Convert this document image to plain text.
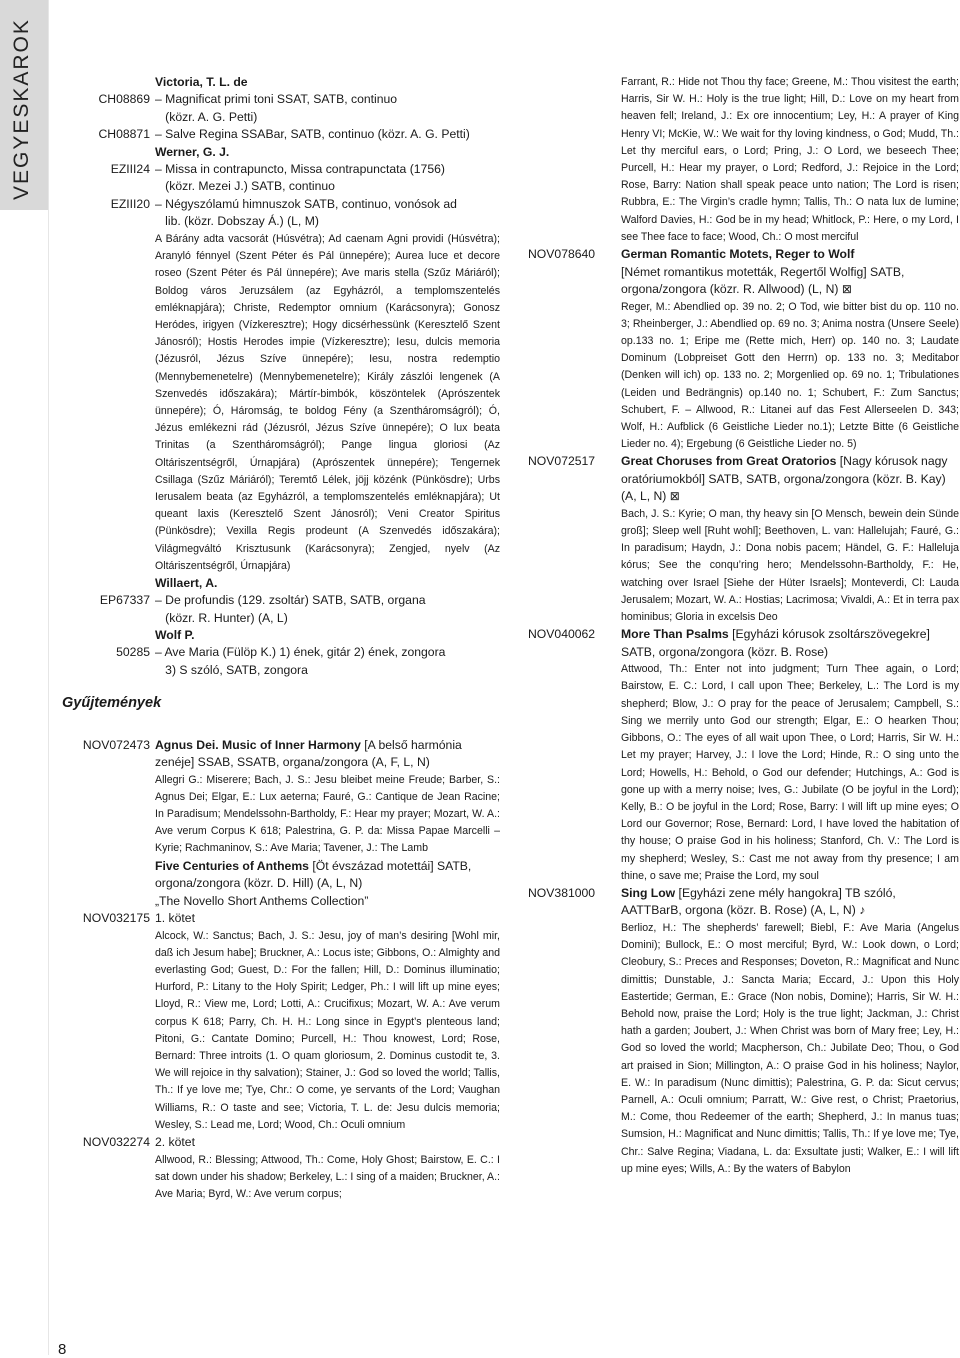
VEGYESKAROK
8
Victoria, T. L. de
CH08869 – Magnificat primi toni SSAT, SATB, continuo
(közr. A. G. Petti)
CH08871 – Salve Regina SSABar, SATB, continuo (közr. A. G. Petti)
Werner, G. J.
EZIII24 – Missa in contrapuncto, Missa contrapunctata (1756)
(közr. Mezei J.) SATB, continuo
EZIII20 – Négyszólamú himnuszok SATB, continuo, vonósok ad
lib. (közr. Dobszay Á.) (L, M)
A Bárány adta vacsorát (Húsvétra); Ad caenam Agni providi (Húsvétra); Aranyló fénnyel (Szent Péter és Pál ünnepére); Aurea luce et decore roseo (Szent Péter és Pál ünnepére); Ave maris stella (Szűz Máriáról); Boldog város Jeruzsálem (az Egyházról, a templomszentelés emléknapjára); Christe, Redemptor omnium (Karácsonyra); Gonosz Heródes, irigyen (Vízkeresztre); Hogy dicsérhessünk (Keresztelő Szent Jánosról); Hostis Herodes impie (Vízkeresztre); Iesu, dulcis memoria (Jézusról, Jézus Szíve ünnepére); Iesu, nostra redemptio (Mennybemenetelre) (Mennybemenetelre); Király zászlói lengenek (A Szenvedés időszakára); Mártír-bimbók, köszöntelek (Aprószentek ünnepére); Ó, Háromság, te boldog Fény (a Szentháromságról); Ó, Jézus emlékezni rád (Jézusról, Jézus Szíve ünnepére); O lux beata Trinitas (a Szentháromságról); Pange lingua gloriosi (Az Oltáriszentségről, Úrnapjára) (Aprószentek ünnepére); Tengernek Csillaga (Szűz Máriáról); Teremtő Lélek, jöjj közénk (Pünkösdre); Urbs Ierusalem beata (az Egyházról, a templomszentelés emléknapjára); Ut queant laxis (Keresztelő Szent Jánosról); Veni Creator Spiritus (Pünkösdre); Vexilla Regis prodeunt (A Szenvedés időszakára); Világmegváltó Krisztusunk (Karácsonyra); Zengjed, nyelv (Az Oltáriszentségről, Úrnapjára)
Willaert, A.
EP67337 – De profundis (129. zsoltár) SATB, SATB, organa
(közr. R. Hunter) (A, L)
Wolf P.
50285 – Ave Maria (Fülöp K.) 1) ének, gitár 2) ének, zongora
3) S szóló, SATB, zongora
Gyűjtemények
NOV072473 Agnus Dei. Music of Inner Harmony [A belső harmónia zenéje] SSAB, SSATB, organa/zongora (A, F, L, N)
Allegri G.: Miserere; Bach, J. S.: Jesu bleibet meine Freude; Barber, S.: Agnus Dei; Elgar, E.: Lux aeterna; Fauré, G.: Cantique de Jean Racine; In Paradisum; Mendelssohn-Bartholdy, F.: Hear my prayer; Mozart, W. A.: Ave verum Corpus K 618; Palestrina, G. P. da: Missa Papae Marcelli – Kyrie; Rachmaninov, S.: Ave Maria; Tavener, J.: The Lamb
Five Centuries of Anthems [Öt évszázad motettái] SATB, orgona/zongora (közr. D. Hill) (A, L, N)
„The Novello Short Anthems Collection”
NOV032175 1. kötet
Alcock, W.: Sanctus; Bach, J. S.: Jesu, joy of man’s desiring [Wohl mir, daß ich Jesum habe]; Bruckner, A.: Locus iste; Gibbons, O.: Almighty and everlasting God; Guest, D.: For the fallen; Hill, D.: Dominus illuminatio; Hurford, P.: Litany to the Holy Spirit; Ledger, Ph.: I will lift up mine eyes; Lloyd, R.: View me, Lord; Lotti, A.: Crucifixus; Mozart, W. A.: Ave verum corpus K 618; Parry, Ch. H. H.: Long since in Egypt’s plenteous land; Pitoni, G.: Cantate Domino; Purcell, H.: Thou knowest, Lord; Rose, Bernard: Three introits (1. O quam gloriosum, 2. Dominus custodit te, 3. We will rejoice in thy salvation); Stainer, J.: God so loved the world; Tallis, Th.: If ye love me; Tye, Chr.: O come, ye servants of the Lord; Vaughan Williams, R.: O taste and see; Victoria, T. L. de: Jesu dulcis memoria; Wesley, S.: Lead me, Lord; Wood, Ch.: Oculi omnium
NOV032274 2. kötet
Allwood, R.: Blessing; Attwood, Th.: Come, Holy Ghost; Bairstow, E. C.: I sat down under his shadow; Berkeley, L.: I sing of a maiden; Bruckner, A.: Ave Maria; Byrd, W.: Ave verum corpus;
Farrant, R.: Hide not Thou thy face; Greene, M.: Thou visitest the earth; Harris, Sir W. H.: Holy is the true light; Hill, D.: Love on my heart from heaven fell; Ireland, J.: Ex ore innocentium; Ley, H.: A prayer of King Henry VI; McKie, W.: We wait for thy loving kindness, o God; Mudd, Th.: Let thy merciful ears, o Lord; Pring, J.: O Lord, we beseech Thee; Purcell, H.: Hear my prayer, o Lord; Redford, J.: Rejoice in the Lord; Rose, Barry: Nation shall speak peace unto nation; The Lord is risen; Rubbra, E.: The Virgin’s cradle hymn; Tallis, Th.: O nata lux de lumine; Walford Davies, H.: God be in my head; Whitlock, P.: Here, o my Lord, I see Thee face to face; Wood, Ch.: O most merciful
NOV078640	German Romantic Motets, Reger to Wolf
[Német romantikus motetták, Regertől Wolfig] SATB, orgona/zongora (közr. R. Allwood) (L, N) ⊠
Reger, M.: Abendlied op. 39 no. 2; O Tod, wie bitter bist du op. 110 no. 3; Rheinberger, J.: Abendlied op. 69 no. 3; Anima nostra (Unsere Seele) op.133 no. 1; Eripe me (Rette mich, Herr) op. 140 no. 3; Laudate Dominum (Lobpreiset Gott den Herrn) op. 133 no. 3; Meditabor (Denken will ich) op. 133 no. 2; Morgenlied op. 69 no. 1; Tribulationes (Leiden und Bedrängnis) op.140 no. 1; Schubert, F.: Zum Sanctus; Schubert, F. – Allwood, R.: Litanei auf das Fest Allerseelen D. 343; Wolf, H.: Aufblick (6 Geistliche Lieder no.1); Letzte Bitte (6 Geistliche Lieder no. 4); Ergebung (6 Geistliche Lieder no. 5)
NOV072517	Great Choruses from Great Oratorios [Nagy kórusok nagy oratóriumokból] SATB, SATB, orgona/zongora (közr. B. Kay) (A, L, N) ⊠
Bach, J. S.: Kyrie; O man, thy heavy sin [O Mensch, bewein dein Sünde groß]; Sleep well [Ruht wohl]; Beethoven, L. van: Hallelujah; Fauré, G.: In paradisum; Haydn, J.: Dona nobis pacem; Händel, G. F.: Halleluja kórus; See the conqu’ring hero; Mendelssohn-Bartholdy, F.: He, watching over Israel [Siehe der Hüter Israels]; Monteverdi, Cl: Lauda Jerusalem; Mozart, W. A.: Hostias; Lacrimosa; Vivaldi, A.: Et in terra pax hominibus; Gloria in excelsis Deo
NOV040062	More Than Psalms [Egyházi kórusok zsoltárszövegekre] SATB, orgona/zongora (közr. B. Rose)
Attwood, Th.: Enter not into judgment; Turn Thee again, o Lord; Bairstow, E. C.: Lord, I call upon Thee; Berkeley, L.: The Lord is my shepherd; Blow, J.: O pray for the peace of Jerusalem; Campbell, S.: Sing we merrily unto God our strength; Elgar, E.: O hearken Thou; Gibbons, O.: The eyes of all wait upon Thee, o Lord; Harris, Sir W. H.: Let my prayer; Harvey, J.: I love the Lord; Hinde, R.: O sing unto the Lord; Howells, H.: Behold, o God our defender; Hutchings, A.: God is gone up with a merry noise; Ives, G.: Jubilate (O be joyful in the Lord); Kelly, B.: O be joyful in the Lord; Rose, Barry: I will lift up mine eyes; O Lord our Governor; Rose, Bernard: Lord, I have loved the habitation of thy house; O praise God in his holiness; Stanford, Ch. V.: The Lord is my shepherd; Wesley, S.: Cast me not away from thy presence; I am thine, o save me; Praise the Lord, my soul
NOV381000	Sing Low [Egyházi zene mély hangokra] TB szóló, AATTBarB, orgona (közr. B. Rose) (A, L, N) ♪
Berlioz, H.: The shepherds’ farewell; Biebl, F.: Ave Maria (Angelus Domini); Bullock, E.: O most merciful; Byrd, W.: Look down, o Lord; Cleobury, S.: Preces and Responses; Doveton, R.: Magnificat and Nunc dimittis; Dunstable, J.: Sancta Maria; Eccard, J.: Upon this Holy Eastertide; German, E.: Grace (Non nobis, Domine); Harris, Sir W. H.: Behold now, praise the Lord; Holy is the true light; Jackman, J.: Christ hath a garden; Joubert, J.: When Christ was born of Mary free; Ley, H.: God so loved the world; Macpherson, Ch.: Jubilate Deo; Thou, o God art praised in Sion; Millington, A.: O praise God in his holiness; Naylor, E. W.: In paradisum (Nunc dimittis); Palestrina, G. P. da: Sicut cervus; Parnell, A.: Oculi omnium; Parratt, W.: Give rest, o Christ; Praetorius, M.: Come, thou Redeemer of the earth; Shepherd, J.: In manus tuas; Sumsion, H.: Magnificat and Nunc dimittis; Tallis, Th.: If ye love me; Tye, Chr.: Salve Regina; Viadana, L. da: Exsultate justi; Walker, E.: I will lift up mine eyes; Wills, A.: By the waters of Babylon
